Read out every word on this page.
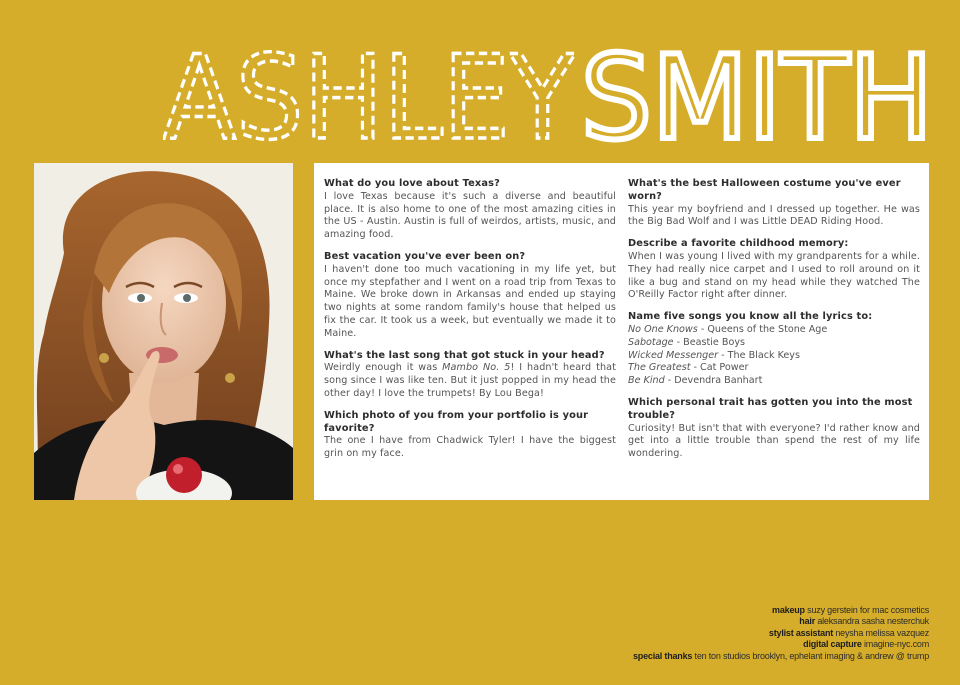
ASHLEY SMITH
What do you love about Texas?
I love Texas because it's such a diverse and beautiful place. It is also home to one of the most amazing cities in the US - Austin. Austin is full of weirdos, artists, music, and amazing food.
Best vacation you've ever been on?
I haven't done too much vacationing in my life yet, but once my stepfather and I went on a road trip from Texas to Maine. We broke down in Arkansas and ended up staying two nights at some random family's house that helped us fix the car. It took us a week, but eventually we made it to Maine.
What's the last song that got stuck in your head?
Weirdly enough it was Mambo No. 5! I hadn't heard that song since I was like ten. But it just popped in my head the other day! I love the trumpets! By Lou Bega!
Which photo of you from your portfolio is your favorite?
The one I have from Chadwick Tyler! I have the biggest grin on my face.
What's the best Halloween costume you've ever worn?
This year my boyfriend and I dressed up together. He was the Big Bad Wolf and I was Little DEAD Riding Hood.
Describe a favorite childhood memory:
When I was young I lived with my grandparents for a while. They had really nice carpet and I used to roll around on it like a bug and stand on my head while they watched The O'Reilly Factor right after dinner.
Name five songs you know all the lyrics to:
No One Knows - Queens of the Stone Age
Sabotage - Beastie Boys
Wicked Messenger - The Black Keys
The Greatest - Cat Power
Be Kind - Devendra Banhart
Which personal trait has gotten you into the most trouble?
Curiosity! But isn't that with everyone? I'd rather know and get into a little trouble than spend the rest of my life wondering.
makeup suzy gerstein for mac cosmetics
hair aleksandra sasha nesterchuk
stylist assistant neysha melissa vazquez
digital capture imagine-nyc.com
special thanks ten ton studios brooklyn, ephelant imaging & andrew @ trump
